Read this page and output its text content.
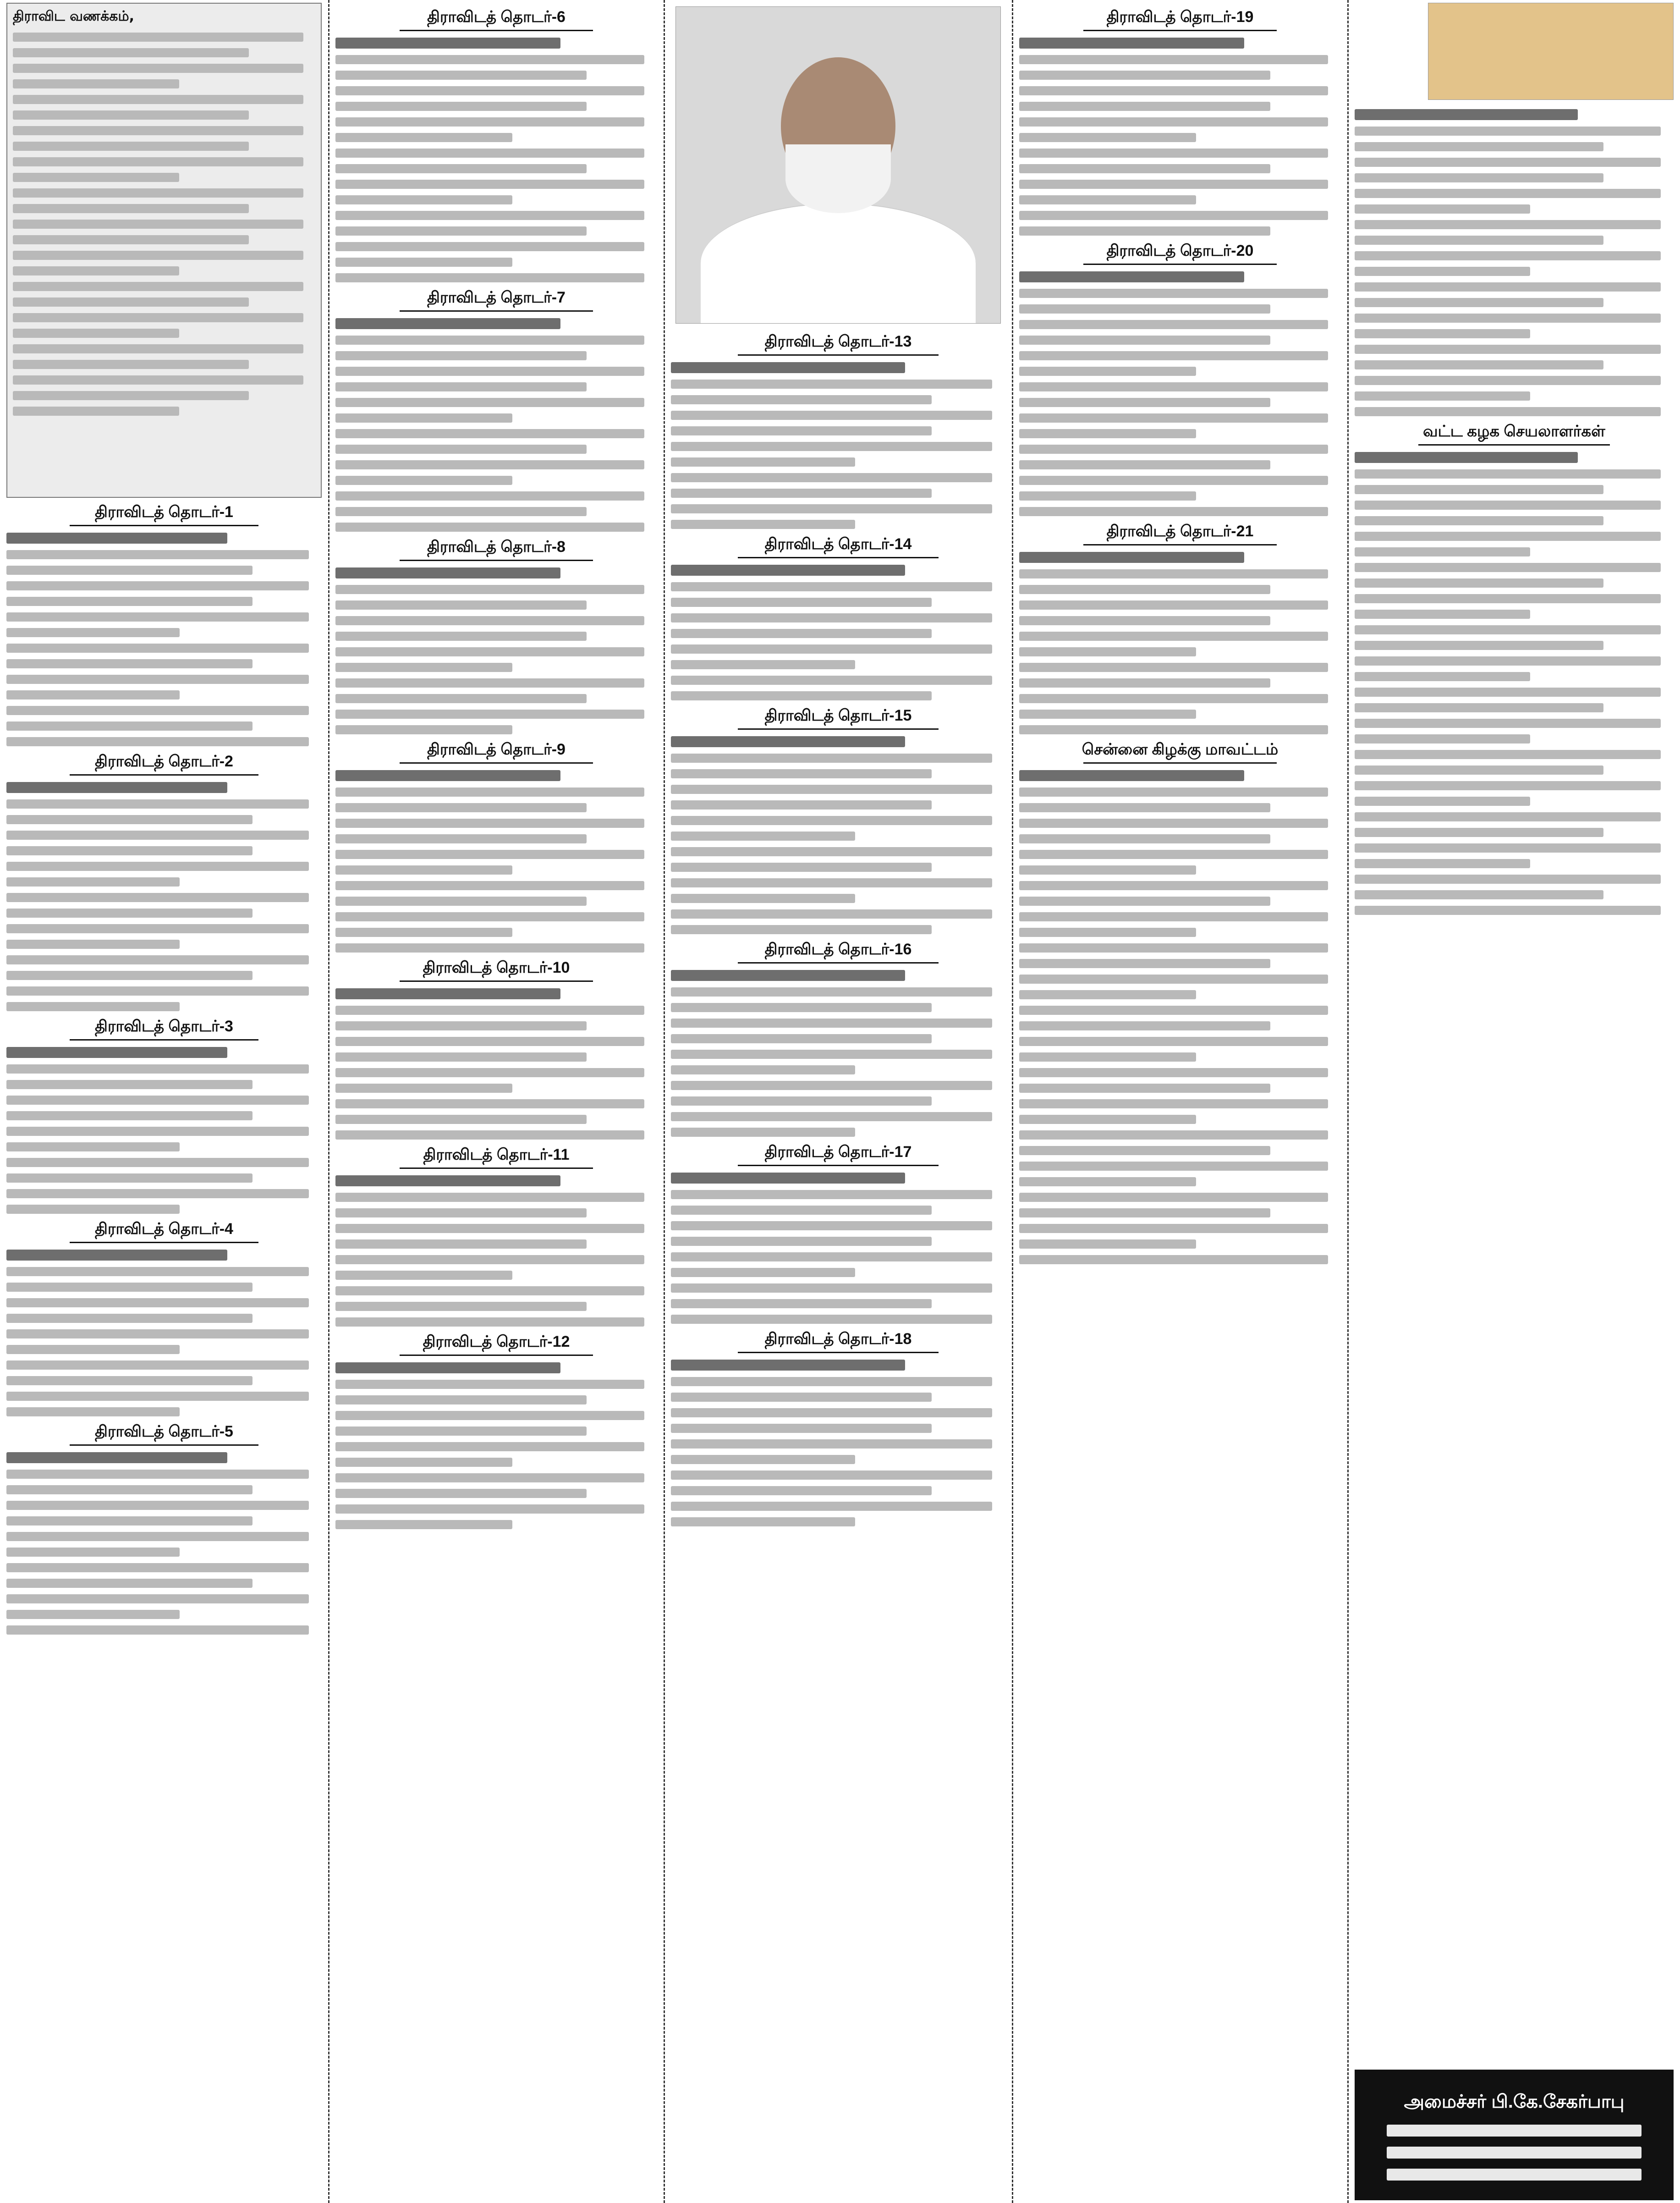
திராவிட வணக்கம்,
திராவிடத் தொடர்-1
திராவிடத் தொடர்-2
திராவிடத் தொடர்-3
திராவிடத் தொடர்-4
திராவிடத் தொடர்-5
திராவிடத் தொடர்-6
திராவிடத் தொடர்-7
திராவிடத் தொடர்-8
திராவிடத் தொடர்-9
திராவிடத் தொடர்-10
திராவிடத் தொடர்-11
திராவிடத் தொடர்-12
திராவிடத் தொடர்-13
திராவிடத் தொடர்-14
திராவிடத் தொடர்-15
திராவிடத் தொடர்-16
திராவிடத் தொடர்-17
திராவிடத் தொடர்-18
திராவிடத் தொடர்-19
திராவிடத் தொடர்-20
திராவிடத் தொடர்-21
சென்னை கிழக்கு மாவட்டம்
வட்ட கழக செயலாளர்கள்
அமைச்சர் பி.கே.சேகர்பாபு
